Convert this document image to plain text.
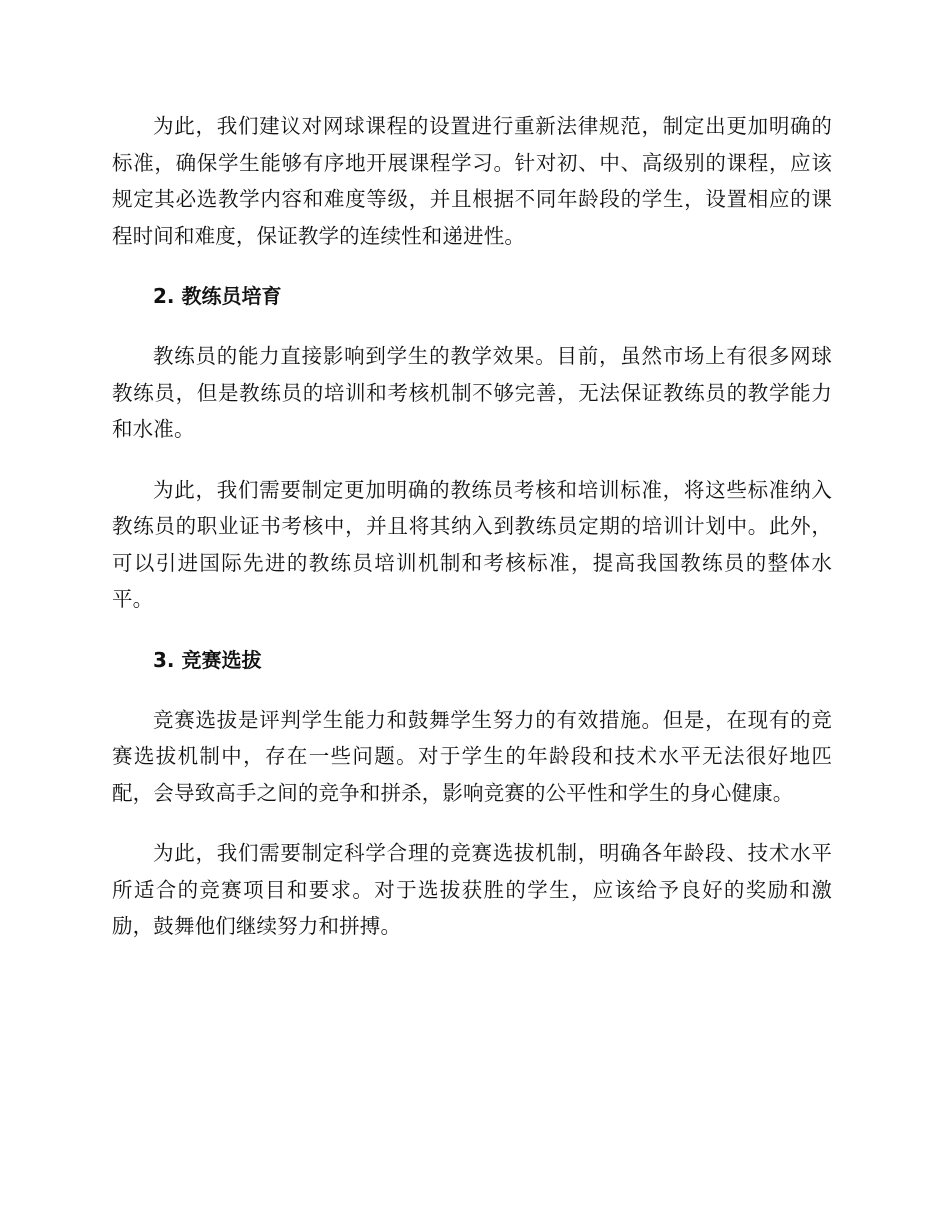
为此，我们建议对网球课程的设置进行重新法律规范，制定出更加明确的标准，确保学生能够有序地开展课程学习。针对初、中、高级别的课程，应该规定其必选教学内容和难度等级，并且根据不同年龄段的学生，设置相应的课程时间和难度，保证教学的连续性和递进性。

2. 教练员培育

教练员的能力直接影响到学生的教学效果。目前，虽然市场上有很多网球教练员，但是教练员的培训和考核机制不够完善，无法保证教练员的教学能力和水准。

为此，我们需要制定更加明确的教练员考核和培训标准，将这些标准纳入教练员的职业证书考核中，并且将其纳入到教练员定期的培训计划中。此外，可以引进国际先进的教练员培训机制和考核标准，提高我国教练员的整体水平。

3. 竞赛选拔

竞赛选拔是评判学生能力和鼓舞学生努力的有效措施。但是，在现有的竞赛选拔机制中，存在一些问题。对于学生的年龄段和技术水平无法很好地匹配，会导致高手之间的竞争和拼杀，影响竞赛的公平性和学生的身心健康。

为此，我们需要制定科学合理的竞赛选拔机制，明确各年龄段、技术水平所适合的竞赛项目和要求。对于选拔获胜的学生，应该给予良好的奖励和激励，鼓舞他们继续努力和拼搏。
